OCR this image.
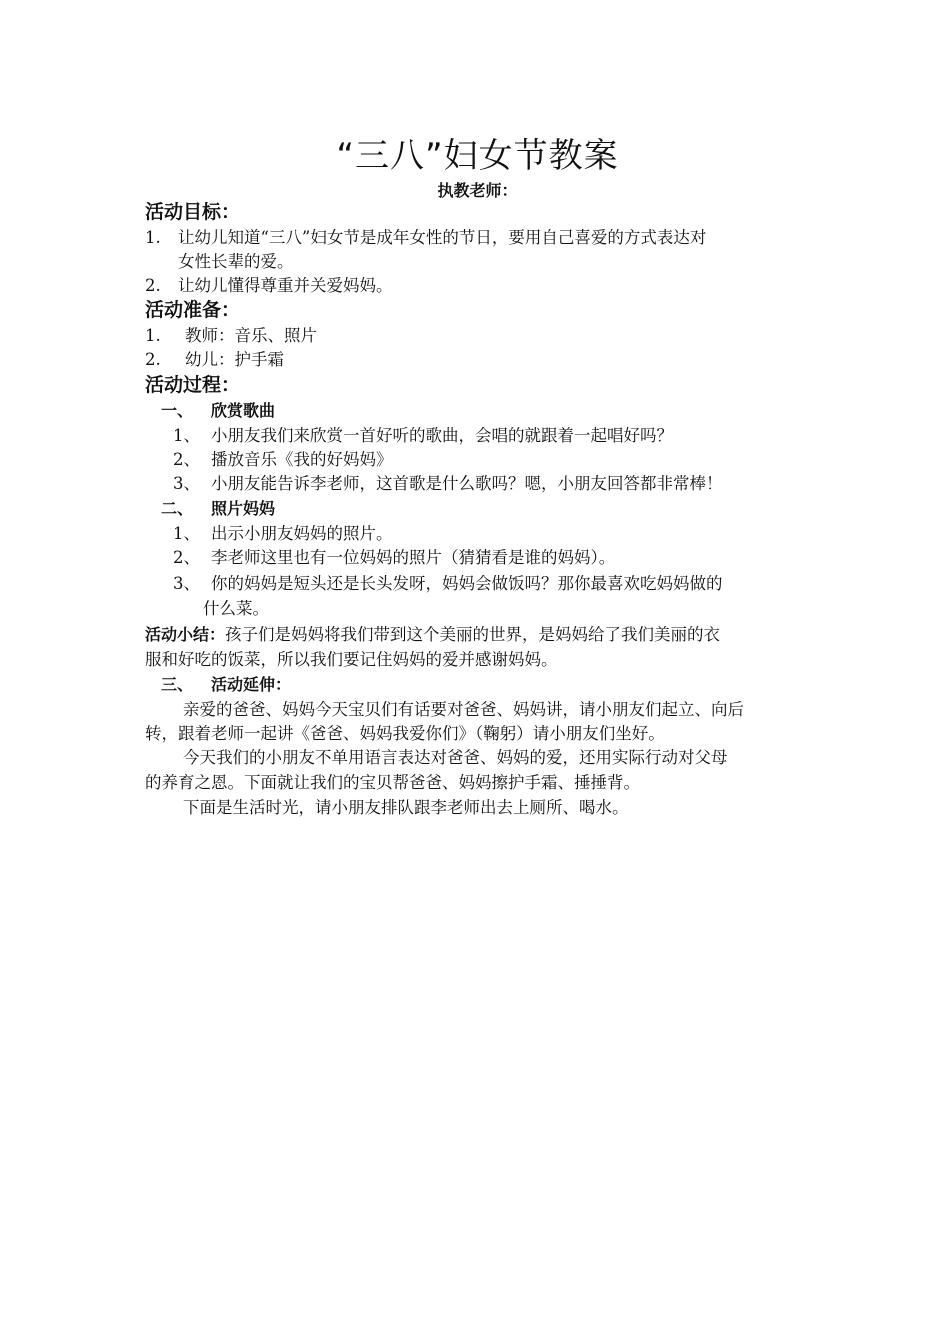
“三八”妇女节教案
执教老师：
活动目标：
1. 让幼儿知道“三八”妇女节是成年女性的节日，要用自己喜爱的方式表达对
女性长辈的爱。
2. 让幼儿懂得尊重并关爱妈妈。
活动准备：
1. 教师：音乐、照片
2. 幼儿：护手霜
活动过程：
一、 欣赏歌曲
1、 小朋友我们来欣赏一首好听的歌曲，会唱的就跟着一起唱好吗？
2、 播放音乐《我的好妈妈》
3、 小朋友能告诉李老师，这首歌是什么歌吗？嗯，小朋友回答都非常棒！
二、 照片妈妈
1、 出示小朋友妈妈的照片。
2、 李老师这里也有一位妈妈的照片（猜猜看是谁的妈妈）。
3、 你的妈妈是短头还是长头发呀，妈妈会做饭吗？那你最喜欢吃妈妈做的
什么菜。
活动小结：孩子们是妈妈将我们带到这个美丽的世界，是妈妈给了我们美丽的衣
服和好吃的饭菜，所以我们要记住妈妈的爱并感谢妈妈。
三、 活动延伸：
亲爱的爸爸、妈妈今天宝贝们有话要对爸爸、妈妈讲，请小朋友们起立、向后
转，跟着老师一起讲《爸爸、妈妈我爱你们》（鞠躬）请小朋友们坐好。
今天我们的小朋友不单用语言表达对爸爸、妈妈的爱，还用实际行动对父母
的养育之恩。下面就让我们的宝贝帮爸爸、妈妈擦护手霜、捶捶背。
下面是生活时光，请小朋友排队跟李老师出去上厕所、喝水。
